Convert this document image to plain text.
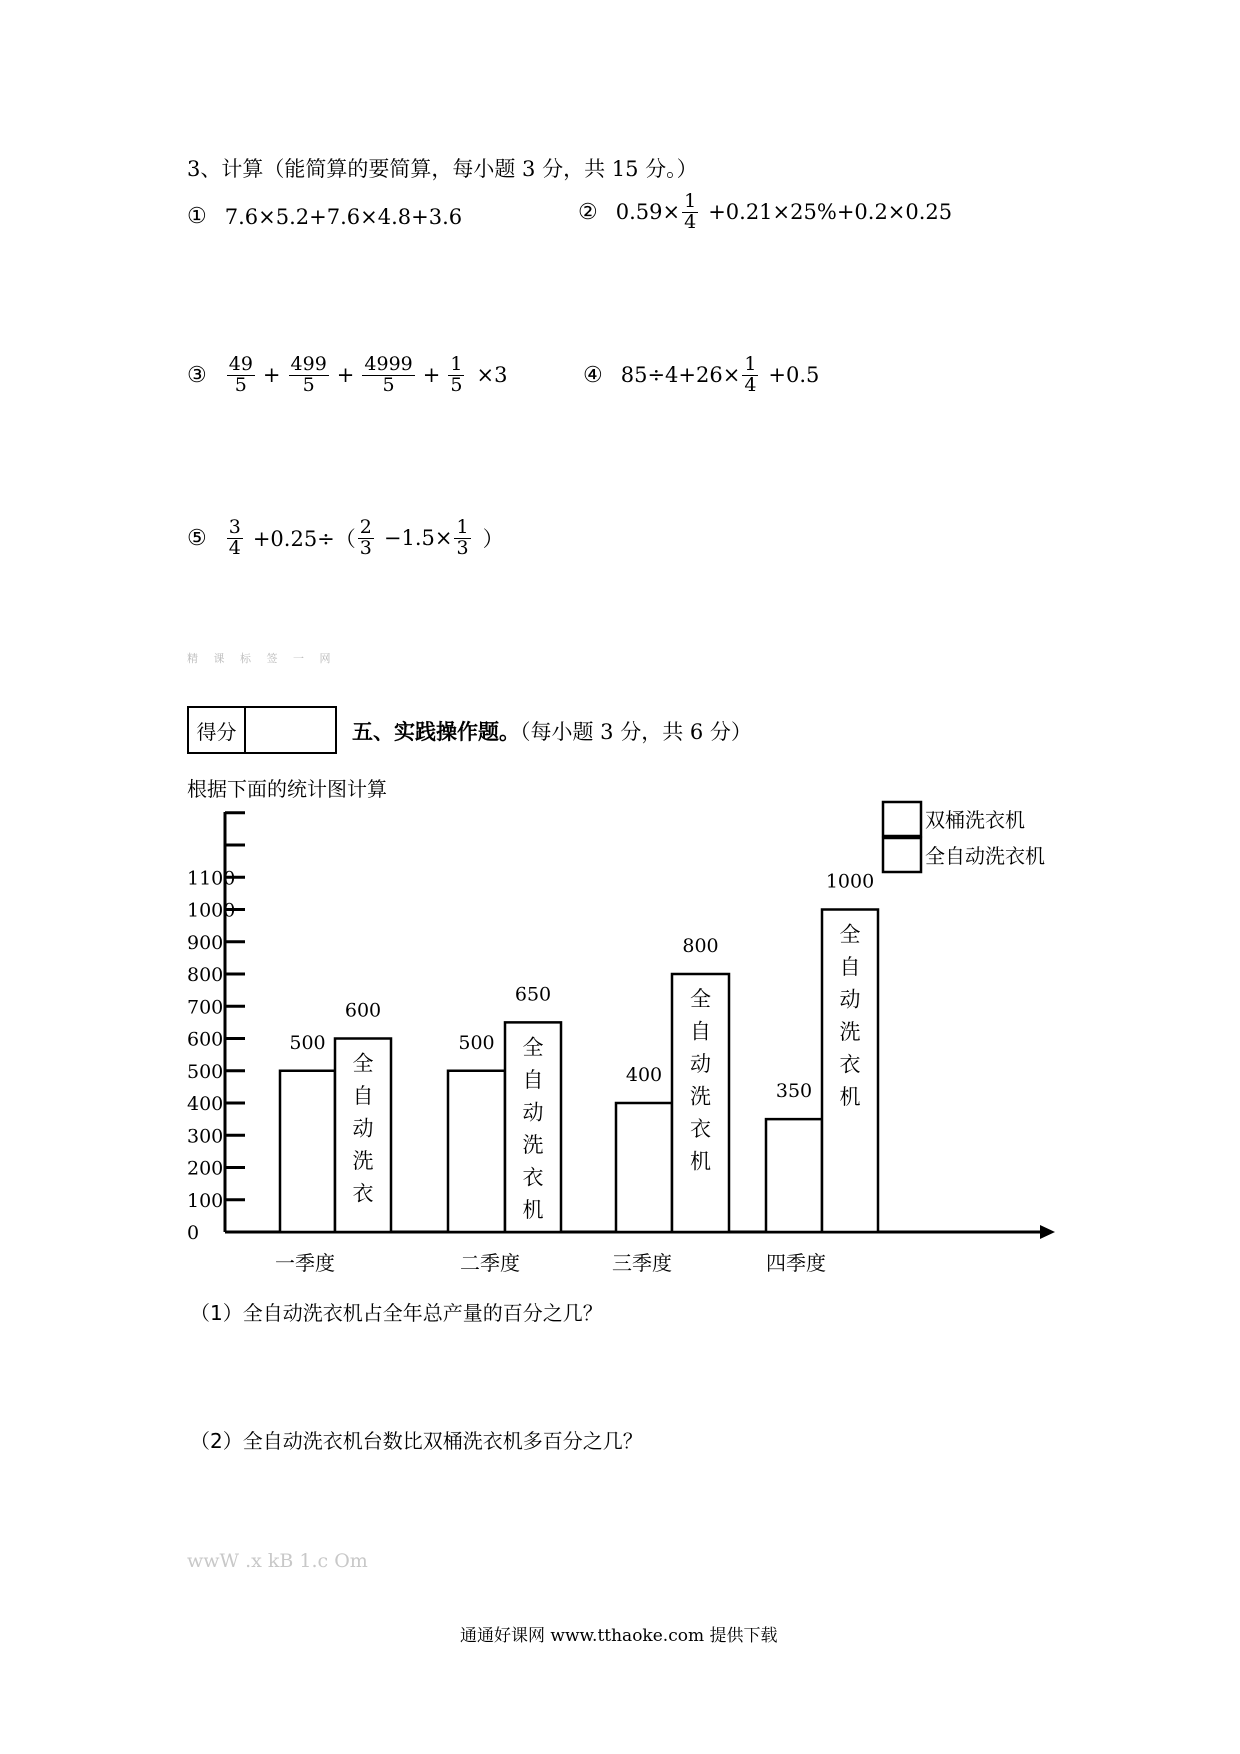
3、计算（能简算的要简算，每小题 3 分，共 15 分。）
① 7.6×5.2+7.6×4.8+3.6	② $0.59\times \frac{1}{4} +0.21\times 25\%+0.2\times 0.25$
③ $\frac{49}{5} + \frac{499}{5} + \frac{4999}{5} + \frac{1}{5} \times 3$	④ $85\div 4+26\times \frac{1}{4} +0.5$
⑤ $\frac{3}{4} +0.25\div( \frac{2}{3} -1.5\times \frac{1}{3}$ ）
精 课 标 签 一 网
得分	五、实践操作题。（每小题 3 分，共 6 分）
根据下面的统计图计算
0
100
200
300
400
500
600
700
800
900
1000
1100
500
600
全
自
动
洗
衣
一季度
500
650
全
自
动
洗
衣
机
二季度
400
800
全
自
动
洗
衣
机
三季度
350
1000
全
自
动
洗
衣
机
四季度
双桶洗衣机
全自动洗衣机
（1）全自动洗衣机占全年总产量的百分之几？
（2）全自动洗衣机台数比双桶洗衣机多百分之几？
wwW .x kB 1.c Om
通通好课网 www.tthaoke.com 提供下载
